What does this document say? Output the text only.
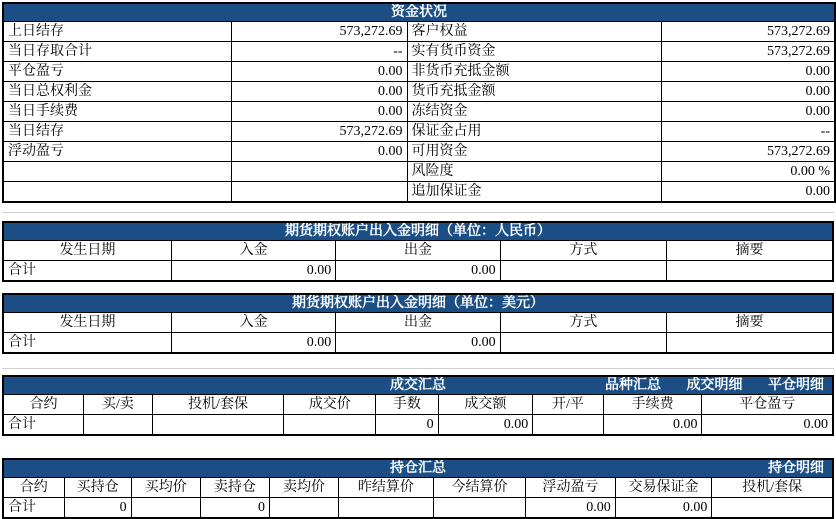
资金状况			

上日结存	573,272.69	客户权益	573,272.69
当日存取合计	--	实有货币资金	573,272.69
平仓盈亏	0.00	非货币充抵金额	0.00
当日总权利金	0.00	货币充抵金额	0.00
当日手续费	0.00	冻结资金	0.00
当日结存	573,272.69	保证金占用	--
浮动盈亏	0.00	可用资金	573,272.69
		风险度	0.00 %
		追加保证金	0.00
期货期权账户出入金明细（单位：人民币）				

发生日期	入金	出金	方式	摘要
合计	0.00	0.00		
期货期权账户出入金明细（单位：美元）				

发生日期	入金	出金	方式	摘要
合计	0.00	0.00		
成交汇总 品种汇总 成交明细 平仓明细								

合约	买/卖	投机/套保	成交价	手数	成交额	开/平	手续费	平仓盈亏
合计				0	0.00		0.00	0.00
持仓汇总 持仓明细									

合约	买持仓	买均价	卖持仓	卖均价	昨结算价	今结算价	浮动盈亏	交易保证金	投机/套保
合计	0		0				0.00	0.00	
